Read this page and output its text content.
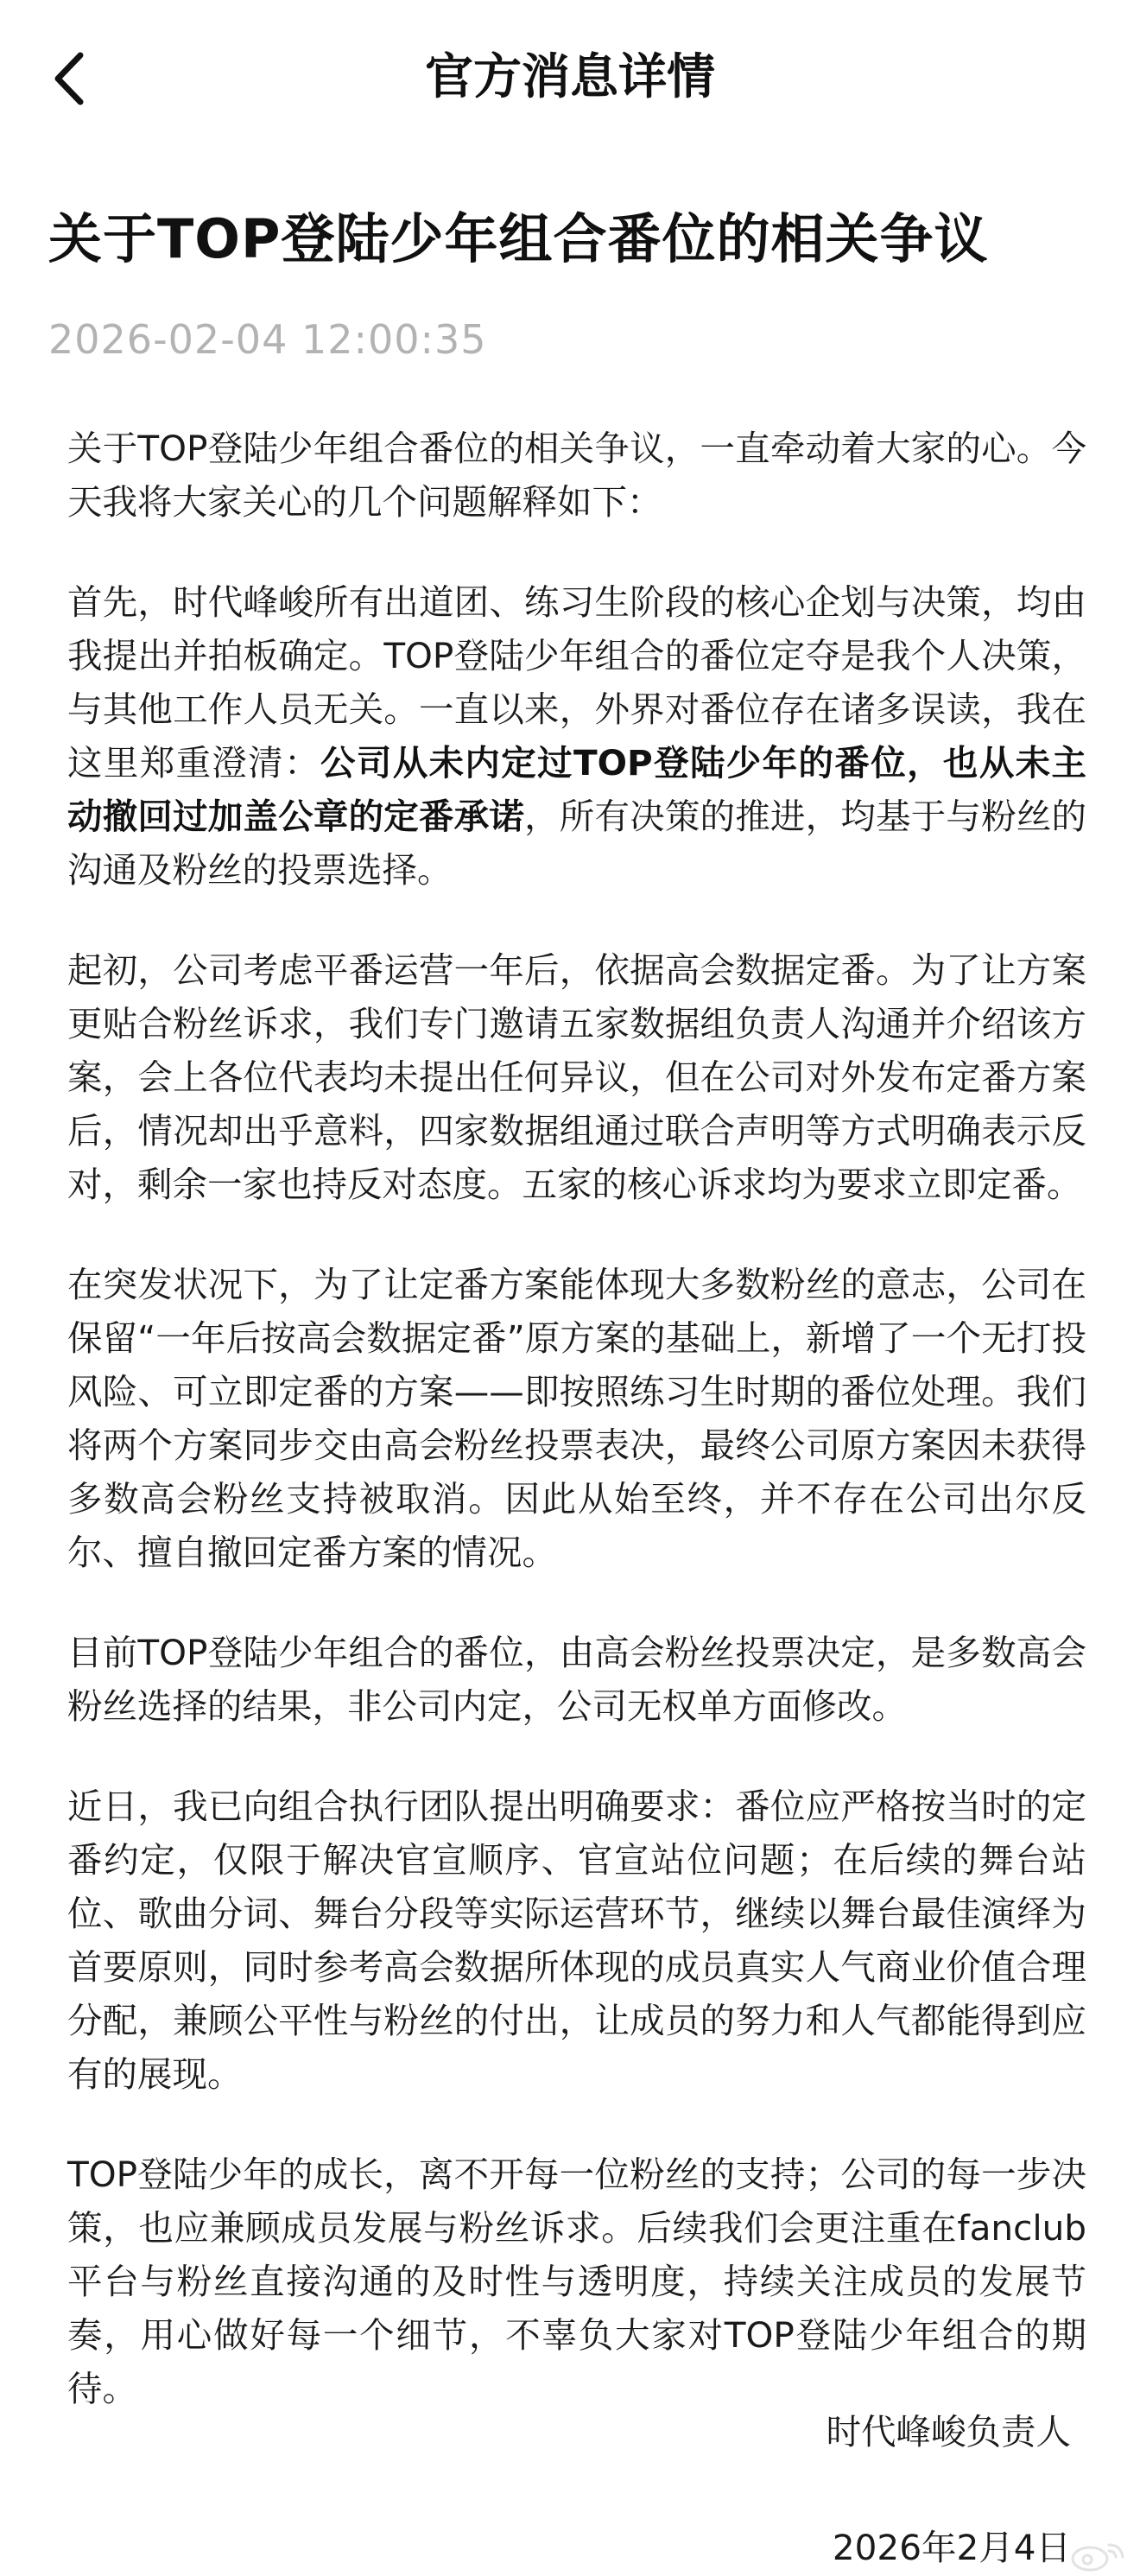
官方消息详情
关于TOP登陆少年组合番位的相关争议
2026-02-04 12:00:35

关于TOP登陆少年组合番位的相关争议，一直牵动着大家的心。今天我将大家关心的几个问题解释如下：

首先，时代峰峻所有出道团、练习生阶段的核心企划与决策，均由我提出并拍板确定。TOP登陆少年组合的番位定夺是我个人决策，与其他工作人员无关。一直以来，外界对番位存在诸多误读，我在这里郑重澄清：公司从未内定过TOP登陆少年的番位，也从未主动撤回过加盖公章的定番承诺，所有决策的推进，均基于与粉丝的沟通及粉丝的投票选择。

起初，公司考虑平番运营一年后，依据高会数据定番。为了让方案更贴合粉丝诉求，我们专门邀请五家数据组负责人沟通并介绍该方案，会上各位代表均未提出任何异议，但在公司对外发布定番方案后，情况却出乎意料，四家数据组通过联合声明等方式明确表示反对，剩余一家也持反对态度。五家的核心诉求均为要求立即定番。

在突发状况下，为了让定番方案能体现大多数粉丝的意志，公司在保留“一年后按高会数据定番”原方案的基础上，新增了一个无打投风险、可立即定番的方案——即按照练习生时期的番位处理。我们将两个方案同步交由高会粉丝投票表决，最终公司原方案因未获得多数高会粉丝支持被取消。因此从始至终，并不存在公司出尔反尔、擅自撤回定番方案的情况。

目前TOP登陆少年组合的番位，由高会粉丝投票决定，是多数高会粉丝选择的结果，非公司内定，公司无权单方面修改。

近日，我已向组合执行团队提出明确要求：番位应严格按当时的定番约定，仅限于解决官宣顺序、官宣站位问题；在后续的舞台站位、歌曲分词、舞台分段等实际运营环节，继续以舞台最佳演绎为首要原则，同时参考高会数据所体现的成员真实人气商业价值合理分配，兼顾公平性与粉丝的付出，让成员的努力和人气都能得到应有的展现。

TOP登陆少年的成长，离不开每一位粉丝的支持；公司的每一步决策，也应兼顾成员发展与粉丝诉求。后续我们会更注重在fanclub平台与粉丝直接沟通的及时性与透明度，持续关注成员的发展节奏，用心做好每一个细节，不辜负大家对TOP登陆少年组合的期待。

时代峰峻负责人
2026年2月4日
